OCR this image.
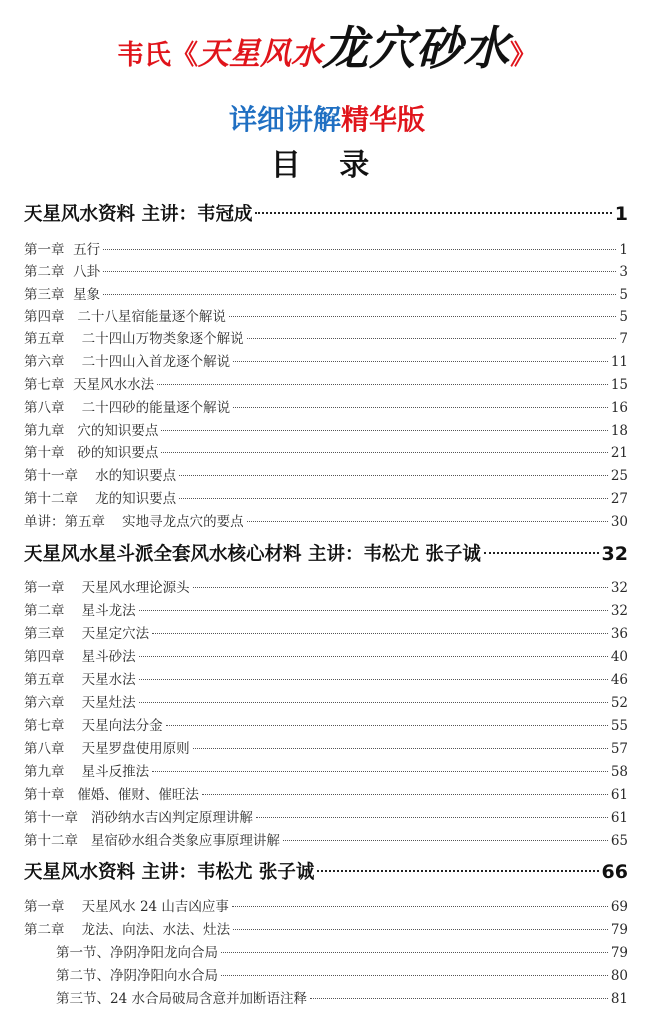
韦氏《天星风水龙穴砂水》
详细讲解精华版
目 录
天星风水资料 主讲：韦冠成	1
第一章 五行	1
第二章 八卦	3
第三章 星象	5
第四章 二十八星宿能量逐个解说	5
第五章 二十四山万物类象逐个解说	7
第六章 二十四山入首龙逐个解说	11
第七章 天星风水水法	15
第八章 二十四砂的能量逐个解说	16
第九章 穴的知识要点	18
第十章 砂的知识要点	21
第十一章 水的知识要点	25
第十二章 龙的知识要点	27
单讲：第五章 实地寻龙点穴的要点	30
天星风水星斗派全套风水核心材料 主讲：韦松尤 张子诚	32
第一章 天星风水理论源头	32
第二章 星斗龙法	32
第三章 天星定穴法	36
第四章 星斗砂法	40
第五章 天星水法	46
第六章 天星灶法	52
第七章 天星向法分金	55
第八章 天星罗盘使用原则	57
第九章 星斗反推法	58
第十章 催婚、催财、催旺法	61
第十一章 消砂纳水吉凶判定原理讲解	61
第十二章 星宿砂水组合类象应事原理讲解	65
天星风水资料 主讲：韦松尤 张子诚	66
第一章 天星风水 24 山吉凶应事	69
第二章 龙法、向法、水法、灶法	79
第一节、净阴净阳龙向合局	79
第二节、净阴净阳向水合局	80
第三节、24 水合局破局含意并加断语注释	81
